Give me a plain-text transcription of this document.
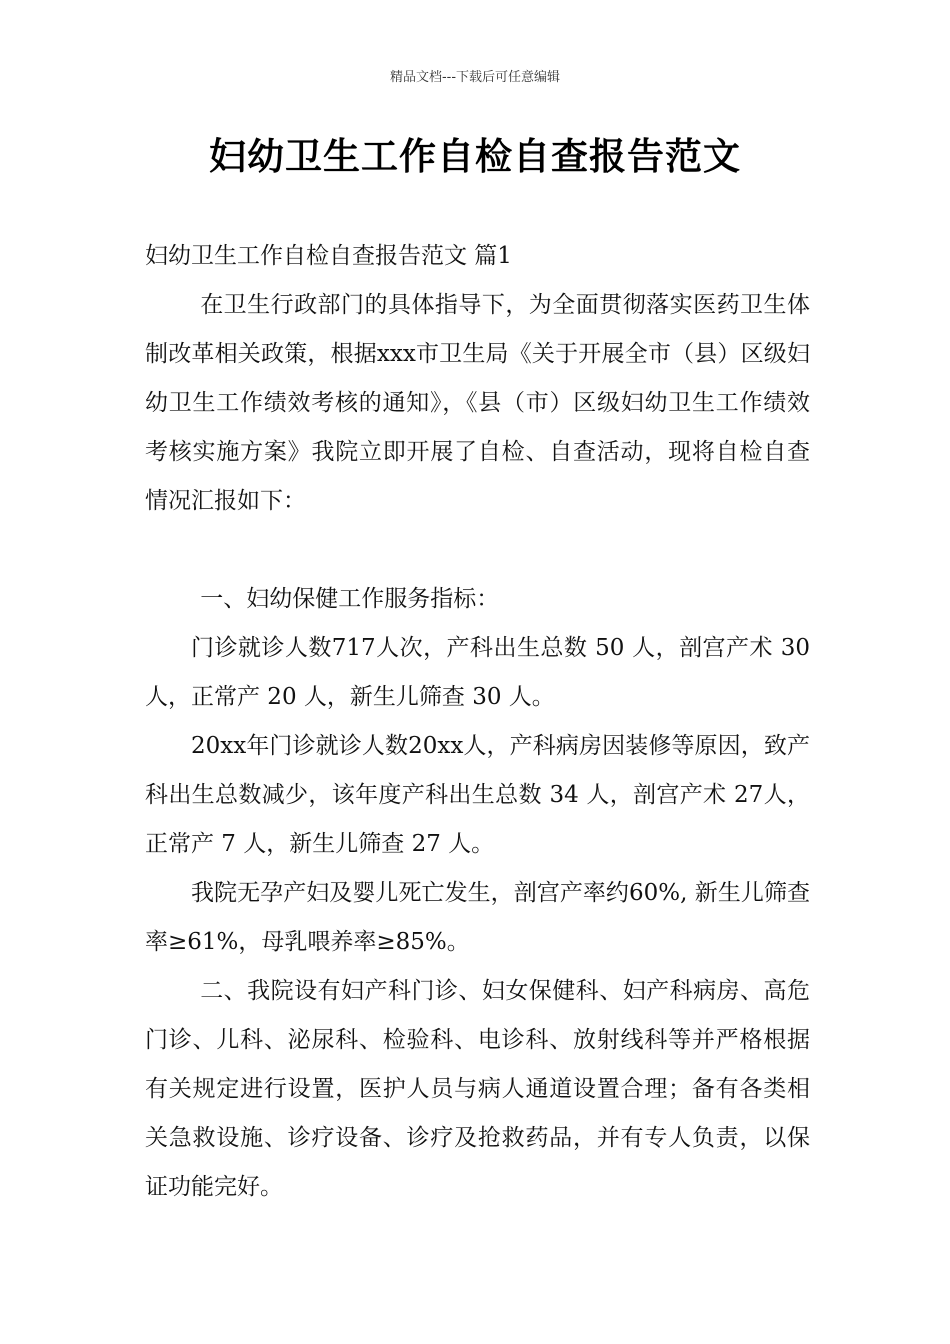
精品文档---下载后可任意编辑
妇幼卫生工作自检自查报告范文

妇幼卫生工作自检自查报告范文 篇1

在卫生行政部门的具体指导下，为全面贯彻落实医药卫生体制改革相关政策，根据xxx市卫生局《关于开展全市（县）区级妇幼卫生工作绩效考核的通知》，《县（市）区级妇幼卫生工作绩效考核实施方案》我院立即开展了自检、自查活动，现将自检自查情况汇报如下：

一、妇幼保健工作服务指标：

门诊就诊人数717人次，产科出生总数 50 人，剖宫产术 30人，正常产 20 人，新生儿筛查 30 人。

20xx年门诊就诊人数20xx人，产科病房因装修等原因，致产科出生总数减少，该年度产科出生总数 34 人，剖宫产术 27人，正常产 7 人，新生儿筛查 27 人。

我院无孕产妇及婴儿死亡发生，剖宫产率约60%, 新生儿筛查率≥61%，母乳喂养率≥85%。

二、我院设有妇产科门诊、妇女保健科、妇产科病房、高危门诊、儿科、泌尿科、检验科、电诊科、放射线科等并严格根据有关规定进行设置，医护人员与病人通道设置合理；备有各类相关急救设施、诊疗设备、诊疗及抢救药品，并有专人负责，以保证功能完好。
